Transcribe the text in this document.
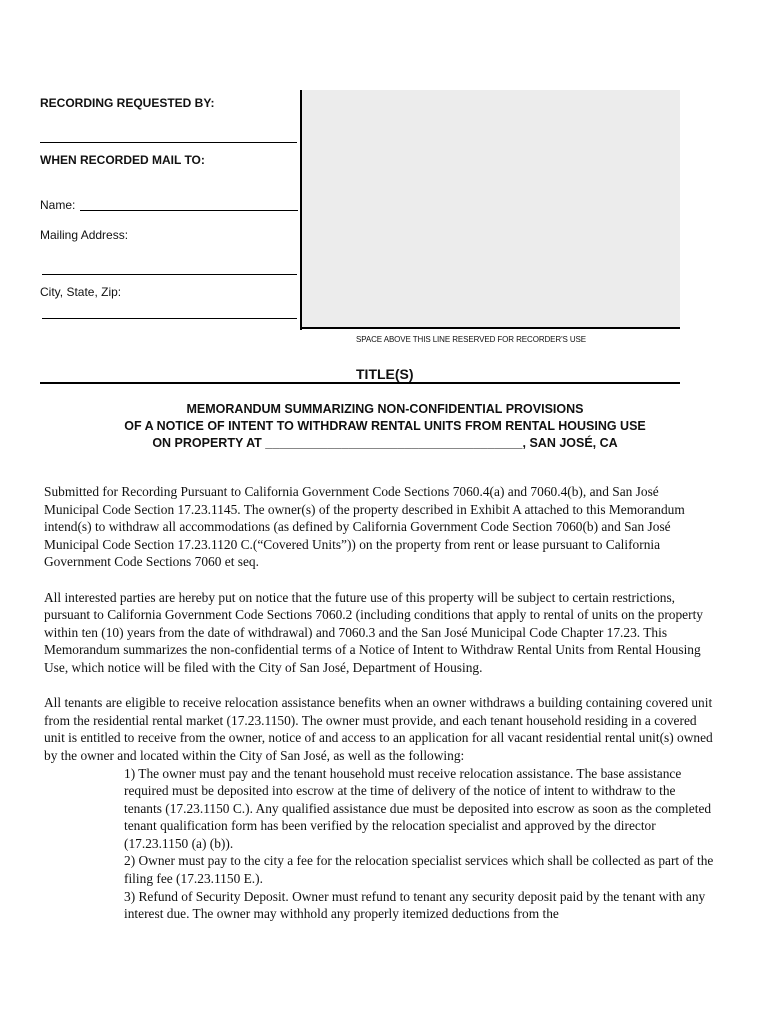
RECORDING REQUESTED BY:
WHEN RECORDED MAIL TO:
Name:
Mailing Address:
City, State, Zip:
SPACE ABOVE THIS LINE RESERVED FOR RECORDER'S USE
TITLE(S)
MEMORANDUM SUMMARIZING NON-CONFIDENTIAL PROVISIONS
OF A NOTICE OF INTENT TO WITHDRAW RENTAL UNITS FROM RENTAL HOUSING USE
ON PROPERTY AT _____________________________________, SAN JOSÉ, CA

Submitted for Recording Pursuant to California Government Code Sections 7060.4(a) and 7060.4(b), and San José Municipal Code Section 17.23.1145. The owner(s) of the property described in Exhibit A attached to this Memorandum intend(s) to withdraw all accommodations (as defined by California Government Code Section 7060(b) and San José Municipal Code Section 17.23.1120 C.(“Covered Units”)) on the property from rent or lease pursuant to California Government Code Sections 7060 et seq.

All interested parties are hereby put on notice that the future use of this property will be subject to certain restrictions, pursuant to California Government Code Sections 7060.2 (including conditions that apply to rental of units on the property within ten (10) years from the date of withdrawal) and 7060.3 and the San José Municipal Code Chapter 17.23. This Memorandum summarizes the non-confidential terms of a Notice of Intent to Withdraw Rental Units from Rental Housing Use, which notice will be filed with the City of San José, Department of Housing.

All tenants are eligible to receive relocation assistance benefits when an owner withdraws a building containing covered unit from the residential rental market (17.23.1150). The owner must provide, and each tenant household residing in a covered unit is entitled to receive from the owner, notice of and access to an application for all vacant residential rental unit(s) owned by the owner and located within the City of San José, as well as the following:

1) The owner must pay and the tenant household must receive relocation assistance. The base assistance required must be deposited into escrow at the time of delivery of the notice of intent to withdraw to the tenants (17.23.1150 C.). Any qualified assistance due must be deposited into escrow as soon as the completed tenant qualification form has been verified by the relocation specialist and approved by the director (17.23.1150 (a) (b)).

2) Owner must pay to the city a fee for the relocation specialist services which shall be collected as part of the filing fee (17.23.1150 E.).

3) Refund of Security Deposit. Owner must refund to tenant any security deposit paid by the tenant with any interest due. The owner may withhold any properly itemized deductions from the
